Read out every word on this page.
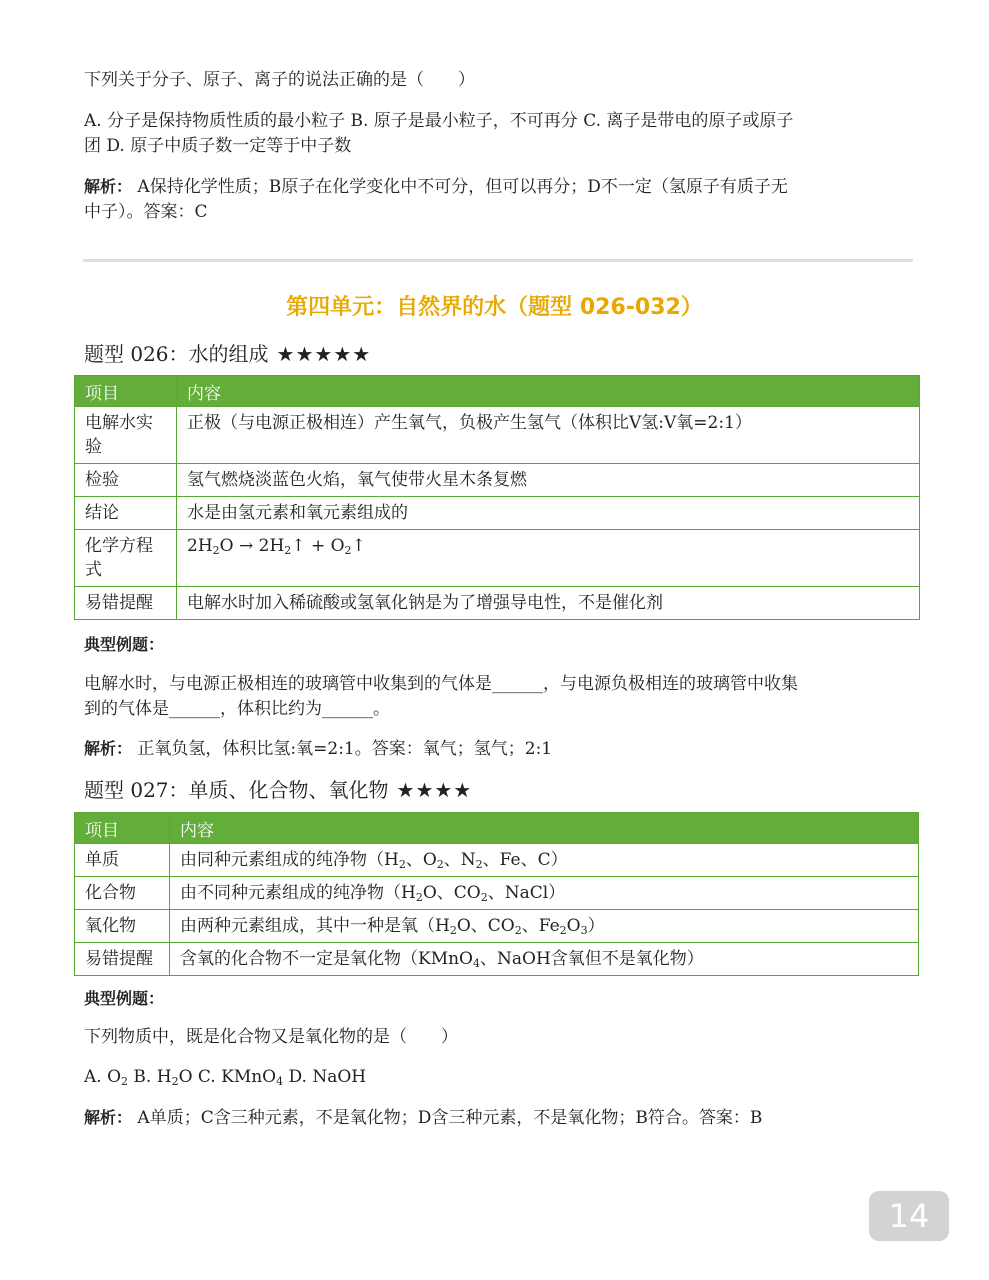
下列关于分子、原子、离子的说法正确的是（　　）

A. 分子是保持物质性质的最小粒子 B. 原子是最小粒子，不可再分 C. 离子是带电的原子或原子
团 D. 原子中质子数一定等于中子数

解析： A保持化学性质；B原子在化学变化中不可分，但可以再分；D不一定（氢原子有质子无
中子）。答案：C

第四单元：自然界的水（题型 026-032）
题型 026：水的组成 ★★★★★
项目	内容
电解水实验	正极（与电源正极相连）产生氧气，负极产生氢气（体积比V氢:V氧=2:1）
检验	氢气燃烧淡蓝色火焰，氧气使带火星木条复燃
结论	水是由氢元素和氧元素组成的
化学方程式	$2H_2O$ → $2H_2↑$ + $O_2↑$
易错提醒	电解水时加入稀硫酸或氢氧化钠是为了增强导电性，不是催化剂

典型例题：

电解水时，与电源正极相连的玻璃管中收集到的气体是______，与电源负极相连的玻璃管中收集
到的气体是______，体积比约为______。

解析： 正氧负氢，体积比氢:氧=2:1。答案：氧气；氢气；2:1

题型 027：单质、化合物、氧化物 ★★★★
项目	内容
单质	由同种元素组成的纯净物（$H_2$、$O_2$、$N_2$、Fe、C）
化合物	由不同种元素组成的纯净物（$H_2O$、$CO_2$、NaCl）
氧化物	由两种元素组成，其中一种是氧（$H_2O$、$CO_2$、$Fe_2O_3$）
易错提醒	含氧的化合物不一定是氧化物（KMnO$_4$、NaOH含氧但不是氧化物）

典型例题：

下列物质中，既是化合物又是氧化物的是（　　）

A. $O_2$ B. $H_2O$ C. KMnO$_4$ D. NaOH

解析： A单质；C含三种元素，不是氧化物；D含三种元素，不是氧化物；B符合。答案：B

14
